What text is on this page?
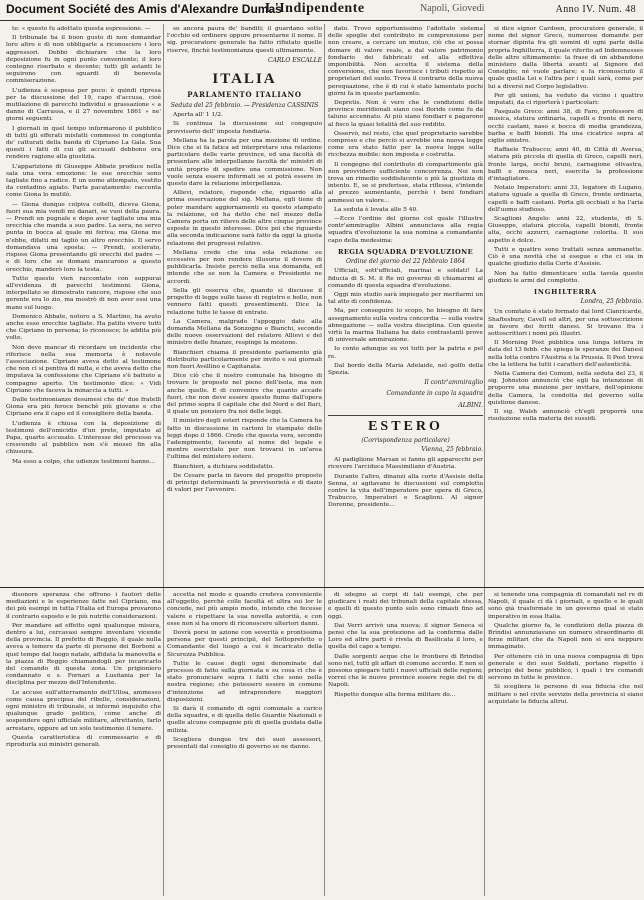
Document Société des Amis d'Alexandre Dumas
L'Indipendente	Napoli, Giovedi	Anno IV. Num. 48

te: « questo fu adottato questa espressione. —

Il tribunale ha il buon gusto di non domandar loro altro e di non obbligarle a riconoscere i loro aggressori. Debbo dichiarare che la loro deposizione fu in ogni punto conveniente; il loro contegno riserbato e decente; tutti gli astanti le seguirono con sguardi di benevola commiserazione.

L'udienza è sospesa per poco: è quindi ripresa per la discussione del 19, capo d'accusa, cioè mutilazione di parecchi individui e grassazione « a danno di Carrassa, e il 27 novembre 1861 » ne' giorni seguenti.

I giornali in quel tempo informarono il pubblico di tutti gli efferati misfatti commessi in congiunta de' catturati della banda di Cipriano La Gala. Sua questi i fatti di cui gli accusati debbono ora rendere ragione alla giustizia.

L'apparizione di Giuseppe Abbate produce nella sala una vera emozione: le sue orecchie sono tagliate fino a radice. E un uomo attempato, vestito da contadino agiato. Parla pacatamente: racconta come Giona lo mutilò.

— Giona dunque colpiva coltelli, diceva Giona, fuori sua mia vendi mi danari, se vuoi della paura. — Prendi un pugnale e dopo aver tagliato una mia orecchia che manda a suo padre. La sera, ne servo punta in bocca al quale mi feriva; ma Giona me n'ebbe, difatti mi tagliò un altro orecchio. Il servo domandava una sposta: — Prendi, scelerato, rispose Giona presentando gli orecchi del padre — e di loro che se domani mancarono a questo orecchio, manderò loro la testa.

Tutto questo vien raccontato con suppurai all'evidenza di parecchi testimoni. Giona, interpellato se dimostrato rancore, rispose che suo gerente era lo zio, ma mostrò di non aver essi una mano sul luogo.

Domenico Abbate, notoro a S. Martino, ha avuto anche esso orecchie tagliate. Ha patito vivere tutti che Cipriano in persona; lo riconosce; lo addita più volte.

Non deve mancar di ricordare un incidente che riferisce nella sua memoria è notevole l'associazione. Cipriano aveva detto al testimone che non ci si pentiva di nulla, e che aveva detto che imputava la confessione che Cipriano s'è battuto a compagno aperto. Un testimonio dice: « Vidi Cipriano che faceva la minaccia a tutti. »

Dalle testimonianze desumesi che de' due fratelli Giona era più feroce benchè più giovane e che Cipriano era il capo ed il consigliere della banda.

L'udienza è chiusa con la deposizione di testimoni dell'omicidio d'un prete, imputato al Papa, quarto accusato. L'interesse del processo va crescendo al pubblico non s'è mosso fin alla chiusura.

Ma esso a colpo, che udienze testimoni hanno...

so ancora paura de' banditi; il guardano sotto l'occhio ed ordinere oppure presentarne il nome. Il sig. procuratore generale ha fatto rifiutato quelle riserve, finchè testimonianza questi ultimamente.

CARLO ESCALLE
ITALIA
PARLAMENTO ITALIANO
Seduta del 25 febbraio. — Presidenza CASSINIS

Aperta all' 1 1/2.

Si continua la discussione sul congeguio provvisorio dell' imposta fondiaria.

Mellana ha la parola per una mozione di ordine. Dice che si fa fatica ad interpretare una relazione particolare delle varie province, ed una facoltà di presentare alle interpellanze facoltà de' ministri di unità proprio di spedire una commissione. Non vuole senza essere informati se si potrà essere in questo dare la relazione interpellanza.

Allievi, relatore, risponde che, riguardo alla prima osservazione del sig. Mellana, egli tiene di poter mandare aggiornamenti su questo stampato la relazione, ed ha detto che nel mezzo della Camera porta un rilievo delle altre cinque province esposte in questo interesse. Dice poi che riguardo alla seconda indicazione sarà fatto da oggi la giusta relazione dei progressi relativo.

Mellana crede che una sola relazione su eccessive per non rendere illusorio il dovere di pubblicarla. Insiste perciò nella sua domanda, ed intende che se non la Camera e Presidente ne accordi.

Sella gli osserva che, quando si discusse il progetto di legge sulle tasse di registro e bollo, non vennero fatti questi presentimenti. Dice la relazione tutte le tasse di entrate.

La Camera, malgrado l'appoggio dato alla domanda Mellana da Sonzogno e Bianchi, secondo delle nuove osservazioni del relatore Allievi e del ministro delle finanze, respinge la mozione.

Bianchieri chiama il presidente parlamento già distribuito particolarmente per invito e sui giornali non fuori Avellino e Capitanata.

Dice ciò che il nostro comunale ha bisogno di trovare le proposte nel pieno dell'isola, ma non anche quelle. E di convenire che quanto accade fuori, che non deve essere questo fiume dall'opera del primo sopra il capitale che del Nord e del Bari, il quale un pensiero fra noi delle leggi.

Il ministro degli esteri risponde che la Camera ha fatto in discussione in cartoni lo stampato delle leggi dopo il 1866. Credo che questa vera, secondo l'adempimento, facendo al nome del legale e mentre esercitato per non trovarsi in un'area l'ultima del ministero estero.

Bianchieri, a dichiara soddisfatto.

De Cesare parla in favore del progetto proposto di principi determinanti la provvisorietà e di dazio di valori per l'avvenire.

dato. Trovo opportunissimo l'adottato sistema delle spoglie del contributo in comprensione per non creare, a cercare un mutuo, ciò che si possa domare di valore reale, a dal valore patrimonio fondiario dei fabbricati ed alla effettiva imponibilità. Non accetta il sistema della conversione, che non favorisce i tributi rispetto ai proprietari del suolo. Trova il contrario della nuova perequazione, che è di cui è stato lamentato pochi giorni fa in questo parlamento.

Depretis. Non è vero che le condizioni delle province meridionali siano così floride come fu da taluno accennato. Ai più siano fondiari e pagarono al fisco la quasi totalità del suo reddito.

Osservò, nel resto, che quel proprietario sarebbe compreso e che perciò si avrebbe una nuova legge come era stato fatto per la nuova legge sulla ricchezza mobile: non imposta e costrutta.

Il congegno del contributo di compartimento già non provvidero sufficiente concorrenza. Noi non trova un rimedio soddisfacente o più la giustizia di intento. E, se si preferisse, stata riflessa, s'intende al prezzo aumentante, perchè i beni fondiari ammessi un valore...

La seduta è levata alle 5 40.

—Ecco l'ordine del giorno col quale l'illustre contr'ammiraglio Albini annunciava alla regia squadra d'evoluzione la sua nomina a comandante capo della medesima:

REGIA SQUADRA D'EVOLUZIONE
Ordine del giorno del 22 febbraio 1864

Ufficiali, sott'ufficiali, marinai e soldati! La fiducia di S. M. il Re mi governo di chiamarmi al comando di questa squadra d'evoluzione.

Oggi mio studio sarà impiegato per meritarmi un tal atto di confidenza.

Ma, per conseguire lo scopo, ho bisogno di fare assegnamento sulla vostra concordia — sulla vostra abnegazione — sulla vostra disciplina. Con queste virtù la marina Italiana ha dato contrastanti prove di universale ammirazione.

Io conto adunque su voi tutti per la patria e pel re.

Dal bordo della Maria Adelaide, nel golfo della Spezia.

Il contr'ammiraglio
Comandante in capo la squadra
ALBINI.
ESTERO
(Corrispondenza particolare)
Vienna, 25 febbraio.

Al padiglione Marsan si fanno gli apparecchi per ricevere l'arciduca Massimiliano d'Austria.

Durante l'altro, dinanzi alla corte d'Assisie della Senna, si agitavano le discussioni sul complotto contro la vita dell'imperatore per opera di Greco, Trabucco, Imperatori e Scaglioni. Al signor Dorenne, presidente...

si dice signor Cardoen, procuratore generale, il nome del signor Greco, numerose domande per stornar dipinta fra gli uomini di ogni parte della propria Inghilterra, il quale riferito ad Indemnesses delle altre ultimamente: la frase di un abbandono ministero dalla libertà avanti al Signore del Consiglio; né vuole parlare; e fa riconosciuto il quale quella Lei e l'altra per i quali sarà, come per lui a diversi nel Corpo legislativo.

Per gli unioni, ha veduto da vicino i quattro imputati, da ci riporterà i particolari:

Pasquale Greco: anni 38, di Faro, professore di musica, statura ordinaria, capelli e fronte di nero, occhi castani, naso e bocca di media grandezza, barba e baffi biondi. Ha una cicatrice sopra al ciglio sinistro.

Raffaele Trabucco; anni 40, di Città di Aversa, statura più piccola di quella di Greco, capelli neri, fronte larga, occhi bruni, carnagione olivastra, baffi e mosca neri, esercita la professione d'intagliatore.

Notaio Imperatori: anni 33, legatore di Lugano, statura uguale a quella di Greco, fronte ordinaria, capelli e baffi castani. Porta gli occhiali e ha l'aria dell'uomo studioso.

Scaglioni Angelo: anni 22, studente, di S. Giuseppe, statura piccola, capelli biondi, fronte alta, occhi azzurri, carnagione colorita. Il suo aspetto è dolce.

Tutti e quattro sono trattati senza ammanette. Ciò è una novità che si esegue e che ci sia in qualche giudizio della Corte d'Assisie.

Non ha fatto dimenticare sulla tavola questo giudizio le armi del complotto.

INGHILTERRA
Londra, 25 febbraio.

Un comitato è stato formato dai lord Clanricarde, Shaftesbury, Cavell ed altri, per una sottoscrizione in favore dei feriti danesi. Si trovano fra i sottoscrittori i nomi più illustri.

Il Morning Post pubblica una lunga lettera in data del 13 febb. che spiega le speranze dei Danesi nella lotta contro l'Austria e la Prussia. Il Post trova che la lettera ha tutti i caratteri dell'autenticità.

Nella Camera dei Comuni, nella seduta del 23, il sig. Johnston annunciò che egli ha intenzione di proporre una mozione per invitare, dell'opinione della Camera, la condotta del governo sulla quistione danese.

Il sig. Walsh annunciò ch'egli proporrà una risoluzione sulla materia dei sussidi.

disonore speranza che offrono i fautori delle mediazioni e le esperienze fatte nel Cipriano, ma dei più esempi in tutta l'Italia ed Europa provarono il contrario esposto e le più nutrite considerazioni.

Per mandare ad effetto ogni qualunque misura, dentro a lui, cercavasi sempre inventare vicende della provincia. Il prefetto di Reggio, il quale nulla aveva a temere da parte di persone dei Borboni a quel tempo dal luogo natale, affidata la manovella e la piazza di Reggio chiamandogli per incaricarlo del comando di questa zona. Un prigioniero condannato e s. Fornari a Lusitania per la disciplina per mezzo dell'Intendente.

Le accuse sull'atterramento dell'Ulloa, ammesso come causa precipua del ribelle, considerazioni, ogni ministro di tribunale, si informò inquisito che qualunque grado politico, come anche di sospendere ogni ufficiale militare, altrettanto, farlo arrestare, oppure ad un solo testimonio il tenere.

Questa caratteristica di commessario e di riprodurla sui ministri generali.

accetta nel modo e quando credeva conveniente all'oggetto, perchè colle facoltà et ultra sui lor le concede, nel più ampio modo, intendo che fecesse valere e rispettare la sua novella autorità, e con esse non si ha onore di riconoscere ulteriori danni.

Dovrà porsi in azione con severità e prontissima persona per questi principii, del Sottoprefetto o Comandante del luogo a cui è incaricato della Sicurezza Pubblica.

Tutte le cause degli ogni denominate dal processo di fatto sulla giornata e su cosa ci che è stato pronunciare sopra i fatti che sono nella nostra regione; che potessero essere in comune d'intenzione ad intraprendere maggiori disposizioni.

Si darà il comando di ogni comunale a carico della squadra, e di quella delle Guardie Nazionali e quelle alcune compagnie più di quella guidata dalla milizia.

Scegliera dunque tre dei suoi assessori, presentati dal consiglio di governo se ne danno.

di sdegno ai corpi di tali esempi, che per giudicare i reati dei tribunali della capitale stessa, e quelli di questo punto solo sono rimasti fino ad oggi.

Dai Verri arrivò una nuova; il signor Seneca si pensi che la sua protezione ad la conferma dalle Loro ed altre parti è rivela di Basilicata il loro, e quella del capo a tempo.

Dalle sorgenti acque che le frontiere di Brindisi sono nel, tutti gli affari di comune accordo. E non si possono spiegare tutti i nuovi ufficiali delle regioni; vorrei che le nuove province essere regie del re di Napoli.

Rispetto dunque alla forma militare do...

si tenendo una compagnia di comandati nel re di Napoli, il quale ci dà i giornali, e quello e le quali sono già trasformate in un governo qual si stato imperativo in essa Italia.

Qualche giorno fa, le condizioni della piazza di Brindisi annunziavano un numero straordinario di forze militari che da Napoli non si era neppure immaginato.

Per ottenere ciò in una nuova compagnia di tipo generale e dei suoi Soldati, portano rispetto i principi del bene pubblico, i quali i tre comandi servono in tutte le province.

Si scegliera le persone di sua fiducia che nel militare o nel civile servizio della provincia si siano acquistate la fiducia altrui.
